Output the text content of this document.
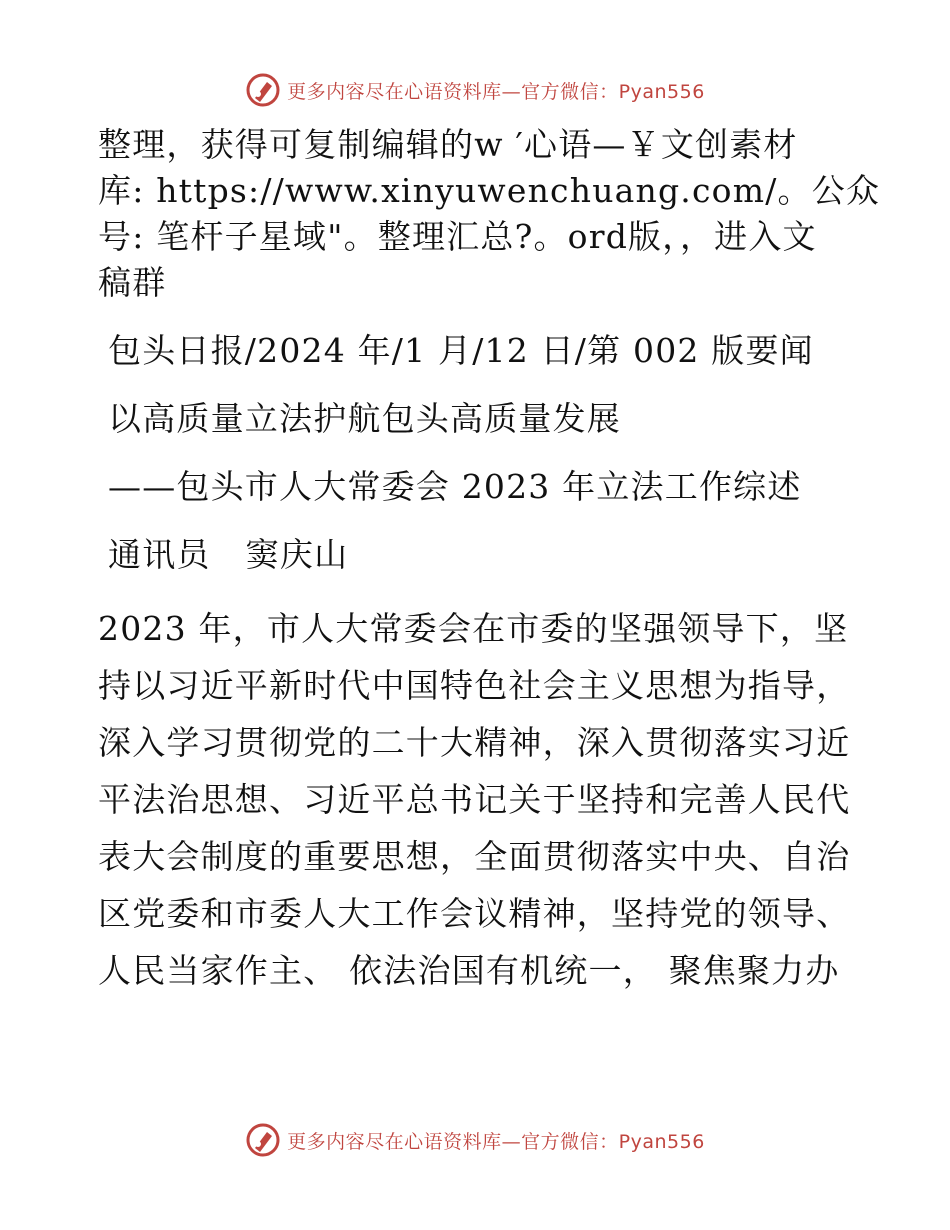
更多内容尽在心语资料库—官方微信：Pyan556

整理，获得可复制编辑的w ′心语—￥文创素材

库: https://www.xinyuwenchuang.com/。公众

号: 笔杆子星域"。整理汇总?。ord版，，进入文

稿群

包头日报/2024 年/1 月/12 日/第 002 版要闻

以高质量立法护航包头高质量发展

——包头市人大常委会 2023 年立法工作综述

通讯员   窦庆山

2023 年，市人大常委会在市委的坚强领导下，坚

持以习近平新时代中国特色社会主义思想为指导，

深入学习贯彻党的二十大精神，深入贯彻落实习近

平法治思想、习近平总书记关于坚持和完善人民代

表大会制度的重要思想，全面贯彻落实中央、自治

区党委和市委人大工作会议精神，坚持党的领导、

人民当家作主、 依法治国有机统一， 聚焦聚力办

更多内容尽在心语资料库—官方微信：Pyan556
